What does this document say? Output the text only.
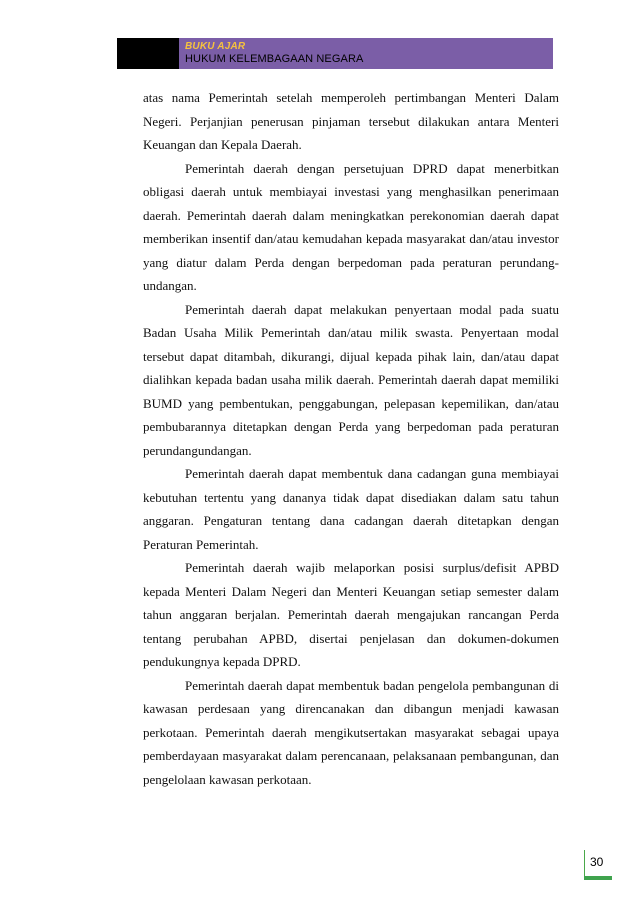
BUKU AJAR
HUKUM KELEMBAGAAN NEGARA

atas nama Pemerintah setelah memperoleh pertimbangan Menteri Dalam Negeri. Perjanjian penerusan pinjaman tersebut dilakukan antara Menteri Keuangan dan Kepala Daerah.

Pemerintah daerah dengan persetujuan DPRD dapat menerbitkan obligasi daerah untuk membiayai investasi yang menghasilkan penerimaan daerah. Pemerintah daerah dalam meningkatkan perekonomian daerah dapat memberikan insentif dan/atau kemudahan kepada masyarakat dan/atau investor yang diatur dalam Perda dengan berpedoman pada peraturan perundang-undangan.

Pemerintah daerah dapat melakukan penyertaan modal pada suatu Badan Usaha Milik Pemerintah dan/atau milik swasta. Penyertaan modal tersebut dapat ditambah, dikurangi, dijual kepada pihak lain, dan/atau dapat dialihkan kepada badan usaha milik daerah. Pemerintah daerah dapat memiliki BUMD yang pembentukan, penggabungan, pelepasan kepemilikan, dan/atau pembubarannya ditetapkan dengan Perda yang berpedoman pada peraturan perundangundangan.

Pemerintah daerah dapat membentuk dana cadangan guna membiayai kebutuhan tertentu yang dananya tidak dapat disediakan dalam satu tahun anggaran. Pengaturan tentang dana cadangan daerah ditetapkan dengan Peraturan Pemerintah.

Pemerintah daerah wajib melaporkan posisi surplus/defisit APBD kepada Menteri Dalam Negeri dan Menteri Keuangan setiap semester dalam tahun anggaran berjalan. Pemerintah daerah mengajukan rancangan Perda tentang perubahan APBD, disertai penjelasan dan dokumen-dokumen pendukungnya kepada DPRD.

Pemerintah daerah dapat membentuk badan pengelola pembangunan di kawasan perdesaan yang direncanakan dan dibangun menjadi kawasan perkotaan. Pemerintah daerah mengikutsertakan masyarakat sebagai upaya pemberdayaan masyarakat dalam perencanaan, pelaksanaan pembangunan, dan pengelolaan kawasan perkotaan.

30
